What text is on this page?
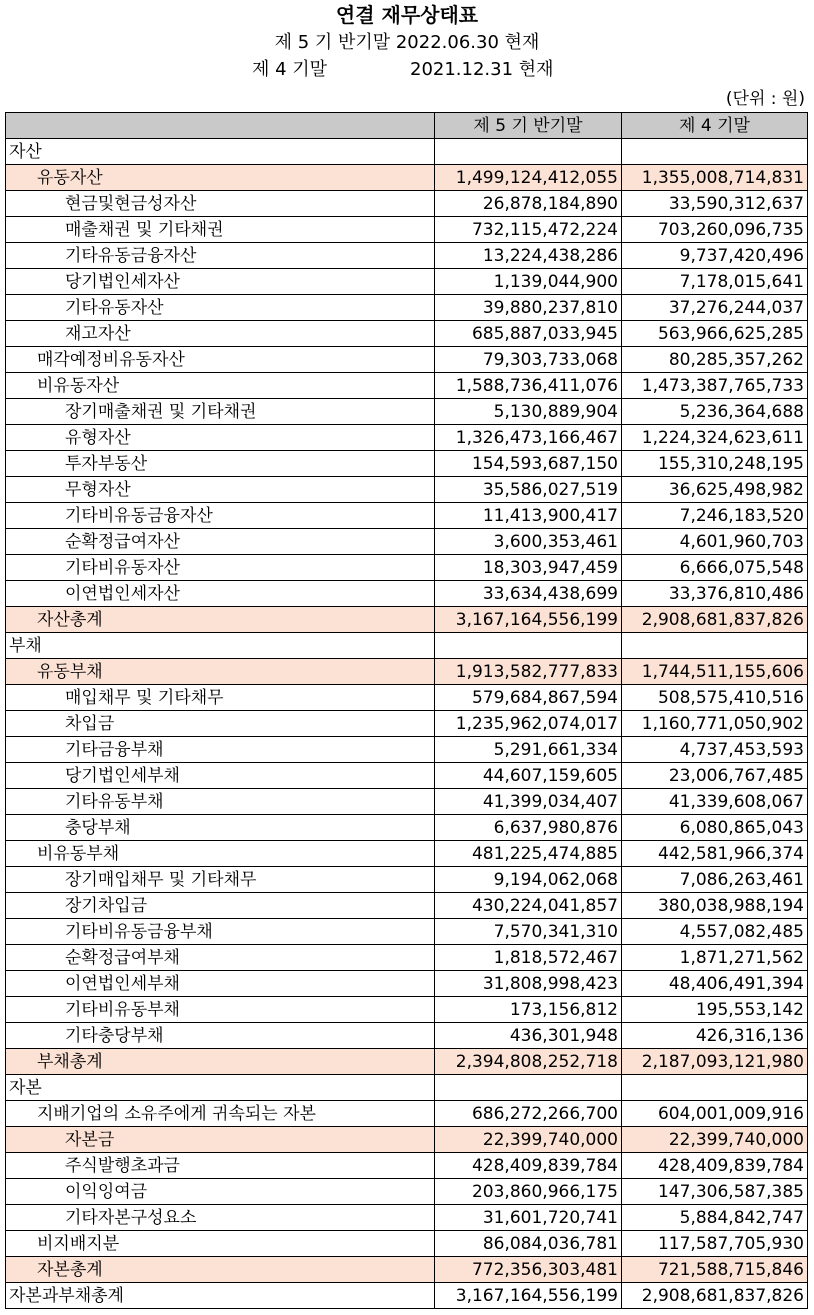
연결 재무상태표
제 5 기 반기말 2022.06.30 현재
제 4 기말	2021.12.31 현재
(단위 : 원)
	제 5 기 반기말	제 4 기말
자산		
유동자산	1,499,124,412,055	1,355,008,714,831
현금및현금성자산	26,878,184,890	33,590,312,637
매출채권 및 기타채권	732,115,472,224	703,260,096,735
기타유동금융자산	13,224,438,286	9,737,420,496
당기법인세자산	1,139,044,900	7,178,015,641
기타유동자산	39,880,237,810	37,276,244,037
재고자산	685,887,033,945	563,966,625,285
매각예정비유동자산	79,303,733,068	80,285,357,262
비유동자산	1,588,736,411,076	1,473,387,765,733
장기매출채권 및 기타채권	5,130,889,904	5,236,364,688
유형자산	1,326,473,166,467	1,224,324,623,611
투자부동산	154,593,687,150	155,310,248,195
무형자산	35,586,027,519	36,625,498,982
기타비유동금융자산	11,413,900,417	7,246,183,520
순확정급여자산	3,600,353,461	4,601,960,703
기타비유동자산	18,303,947,459	6,666,075,548
이연법인세자산	33,634,438,699	33,376,810,486
자산총계	3,167,164,556,199	2,908,681,837,826
부채		
유동부채	1,913,582,777,833	1,744,511,155,606
매입채무 및 기타채무	579,684,867,594	508,575,410,516
차입금	1,235,962,074,017	1,160,771,050,902
기타금융부채	5,291,661,334	4,737,453,593
당기법인세부채	44,607,159,605	23,006,767,485
기타유동부채	41,399,034,407	41,339,608,067
충당부채	6,637,980,876	6,080,865,043
비유동부채	481,225,474,885	442,581,966,374
장기매입채무 및 기타채무	9,194,062,068	7,086,263,461
장기차입금	430,224,041,857	380,038,988,194
기타비유동금융부채	7,570,341,310	4,557,082,485
순확정급여부채	1,818,572,467	1,871,271,562
이연법인세부채	31,808,998,423	48,406,491,394
기타비유동부채	173,156,812	195,553,142
기타충당부채	436,301,948	426,316,136
부채총계	2,394,808,252,718	2,187,093,121,980
자본		
지배기업의 소유주에게 귀속되는 자본	686,272,266,700	604,001,009,916
자본금	22,399,740,000	22,399,740,000
주식발행초과금	428,409,839,784	428,409,839,784
이익잉여금	203,860,966,175	147,306,587,385
기타자본구성요소	31,601,720,741	5,884,842,747
비지배지분	86,084,036,781	117,587,705,930
자본총계	772,356,303,481	721,588,715,846
자본과부채총계	3,167,164,556,199	2,908,681,837,826
